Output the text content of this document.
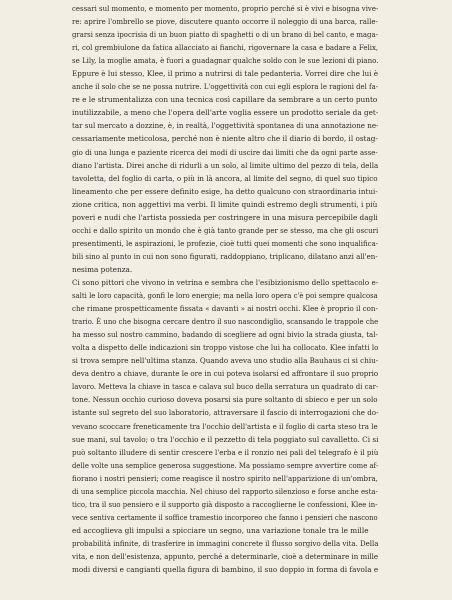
cessari sul momento, e momento per momento, proprio perché si è vivi e bisogna vive-
re: aprire l'ombrello se piove, discutere quanto occorre il noleggio di una barca, ralle-
grarsi senza ipocrisia di un buon piatto di spaghetti o di un brano di bel canto, e maga-
ri, col grembiulone da fatica allacciato ai fianchi, rigovernare la casa e badare a Felix,
se Lily, la moglie amata, è fuori a guadagnar qualche soldo con le sue lezioni di piano.
Eppure è lui stesso, Klee, il primo a nutrirsi di tale pedanteria. Vorrei dire che lui è
anche il solo che se ne possa nutrire. L'oggettività con cui egli esplora le ragioni del fa-
re e le strumentalizza con una tecnica così capillare da sembrare a un certo punto
inutilizzabile, a meno che l'opera dell'arte voglia essere un prodotto seriale da get-
tar sul mercato a dozzine, è, in realtà, l'oggettività spontanea di una annotazione ne-
cessariamente meticolosa, perché non è niente altro che il diario di bordo, il ostag-
gio di una lunga e paziente ricerca dei modi di uscire dai limiti che da ogni parte asse-
diano l'artista. Direi anche di ridurli a un solo, al limite ultimo del pezzo di tela, della
tavoletta, del foglio di carta, o più in là ancora, al limite del segno, di quel suo tipico
lineamento che per essere definito esige, ha detto qualcuno con straordinaria intui-
zione critica, non aggettivi ma verbi. Il limite quindi estremo degli strumenti, i più
poveri e nudi che l'artista possieda per costringere in una misura percepibile dagli
occhi e dallo spirito un mondo che è già tanto grande per se stesso, ma che gli oscuri
presentimenti, le aspirazioni, le profezie, cioè tutti quei momenti che sono inqualifica-
bili sino al punto in cui non sono figurati, raddoppiano, triplicano, dilatano anzi all'en-
nesima potenza.
Ci sono pittori che vivono in vetrina e sembra che l'esibizionismo dello spettacolo e-
salti le loro capacità, gonfi le loro energie; ma nella loro opera c'è poi sempre qualcosa
che rimane prospetticamente fissata « davanti » ai nostri occhi. Klee è proprio il con-
trario. È uno che bisogna cercare dentro il suo nascondiglio, scansando le trappole che
ha messo sul nostro cammino, badando di scegliere ad ogni bivio la strada giusta, tal-
volta a dispetto delle indicazioni sin troppo vistose che lui ha collocato. Klee infatti lo
si trova sempre nell'ultima stanza. Quando aveva uno studio alla Bauhaus ci si chiu-
deva dentro a chiave, durante le ore in cui poteva isolarsi ed affrontare il suo proprio
lavoro. Metteva la chiave in tasca e calava sul buco della serratura un quadrato di car-
tone. Nessun occhio curioso doveva posarsi sia pure soltanto di sbieco e per un solo
istante sul segreto del suo laboratorio, attraversare il fascio di interrogazioni che do-
vevano scoccare freneticamente tra l'occhio dell'artista e il foglio di carta steso tra le
sue mani, sul tavolo; o tra l'occhio e il pezzetto di tela poggiato sul cavalletto. Ci si
può soltanto illudere di sentir crescere l'erba e il ronzio nei pali del telegrafo è il più
delle volte una semplice generosa suggestione. Ma possiamo sempre avvertire come af-
fiorano i nostri pensieri; come reagisce il nostro spirito nell'apparizione di un'ombra,
di una semplice piccola macchia. Nel chiuso del rapporto silenzioso e forse anche esta-
tico, tra il suo pensiero e il supporto già disposto a raccoglierne le confessioni, Klee in-
vece sentiva certamente il soffice tramestio incorporeo che fanno i pensieri che nascono
ed accoglieva gli impulsi a spicciare un segno, una variazione tonale tra le mille
probabilità infinite, di trasferire in immagini concrete il flusso sorgivo della vita. Della
vita, e non dell'esistenza, appunto, perché a determinarle, cioè a determinare in mille
modi diversi e cangianti quella figura di bambino, il suo doppio in forma di favola e
